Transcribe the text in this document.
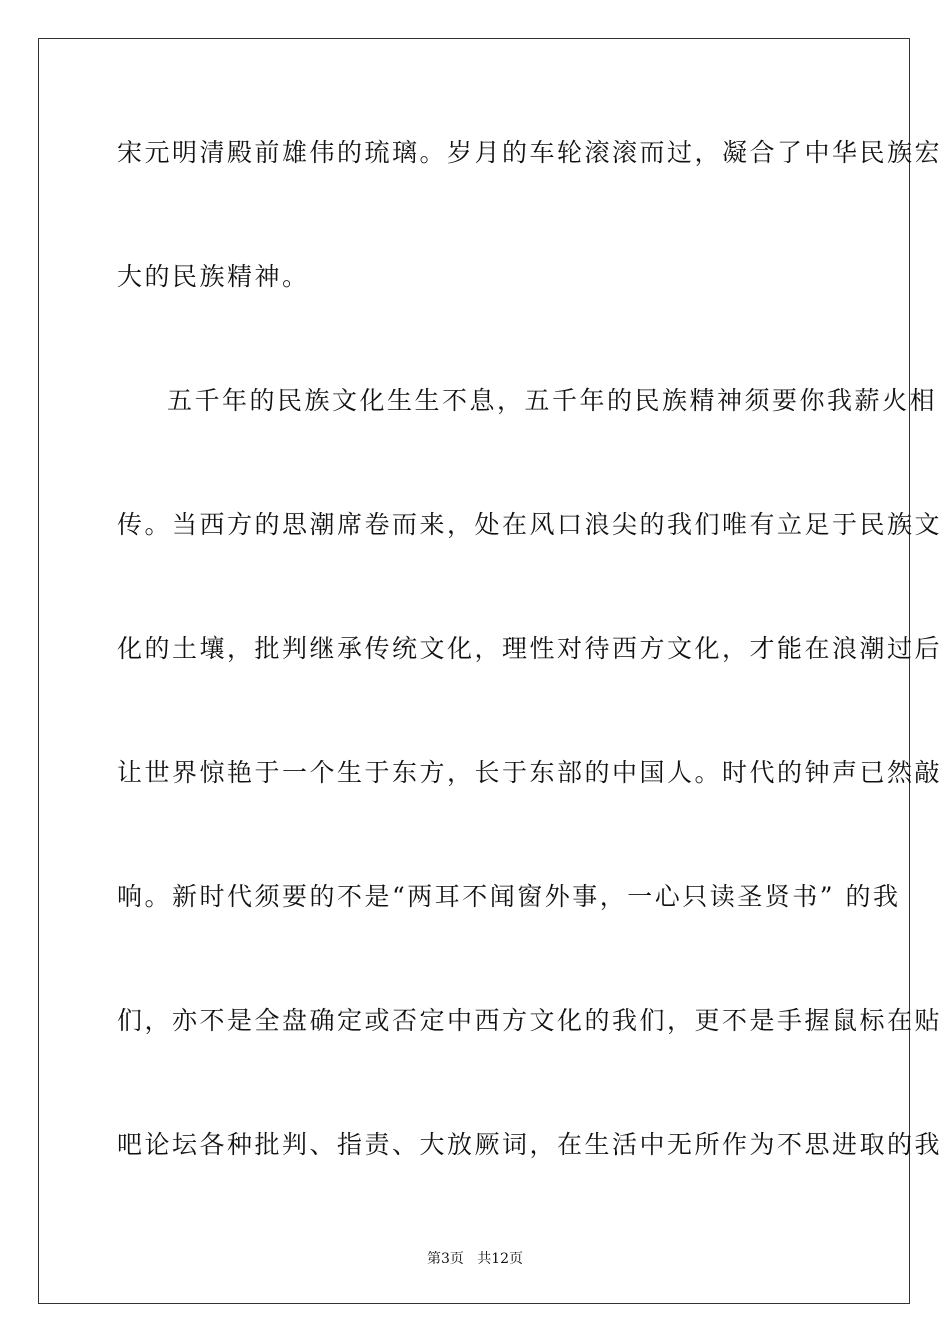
宋元明清殿前雄伟的琉璃。岁月的车轮滚滚而过，凝合了中华民族宏
大的民族精神。
五千年的民族文化生生不息，五千年的民族精神须要你我薪火相
传。当西方的思潮席卷而来，处在风口浪尖的我们唯有立足于民族文
化的土壤，批判继承传统文化，理性对待西方文化，才能在浪潮过后
让世界惊艳于一个生于东方，长于东部的中国人。时代的钟声已然敲
响。新时代须要的不是“两耳不闻窗外事，一心只读圣贤书” 的我
们，亦不是全盘确定或否定中西方文化的我们，更不是手握鼠标在贴
吧论坛各种批判、指责、大放厥词，在生活中无所作为不思进取的我
第3页   共12页
